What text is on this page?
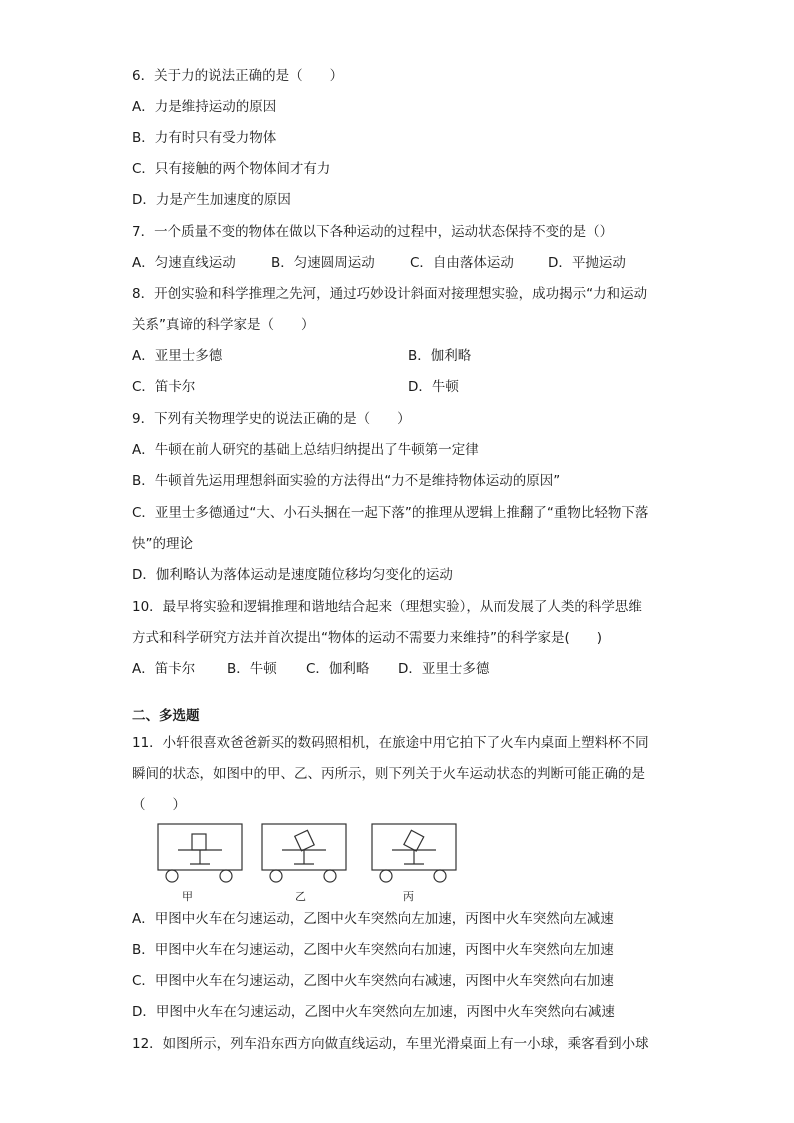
6．关于力的说法正确的是（　　）
A．力是维持运动的原因
B．力有时只有受力物体
C．只有接触的两个物体间才有力
D．力是产生加速度的原因
7．一个质量不变的物体在做以下各种运动的过程中，运动状态保持不变的是（）
A．匀速直线运动	B．匀速圆周运动	C．自由落体运动	D．平抛运动
8．开创实验和科学推理之先河，通过巧妙设计斜面对接理想实验，成功揭示“力和运动
关系”真谛的科学家是（　　）
A．亚里士多德	B．伽利略
C．笛卡尔	D．牛顿
9．下列有关物理学史的说法正确的是（　　）
A．牛顿在前人研究的基础上总结归纳提出了牛顿第一定律
B．牛顿首先运用理想斜面实验的方法得出“力不是维持物体运动的原因”
C．亚里士多德通过“大、小石头捆在一起下落”的推理从逻辑上推翻了“重物比轻物下落
快”的理论
D．伽利略认为落体运动是速度随位移均匀变化的运动
10．最早将实验和逻辑推理和谐地结合起来（理想实验），从而发展了人类的科学思维
方式和科学研究方法并首次提出“物体的运动不需要力来维持”的科学家是(　　)
A．笛卡尔 B．牛顿 C．伽利略 D．亚里士多德
二、多选题
11．小轩很喜欢爸爸新买的数码照相机，在旅途中用它拍下了火车内桌面上塑料杯不同
瞬间的状态，如图中的甲、乙、丙所示，则下列关于火车运动状态的判断可能正确的是
（　　）
甲	乙	丙
A．甲图中火车在匀速运动，乙图中火车突然向左加速，丙图中火车突然向左减速
B．甲图中火车在匀速运动，乙图中火车突然向右加速，丙图中火车突然向左加速
C．甲图中火车在匀速运动，乙图中火车突然向右减速，丙图中火车突然向右加速
D．甲图中火车在匀速运动，乙图中火车突然向左加速，丙图中火车突然向右减速
12．如图所示，列车沿东西方向做直线运动，车里光滑桌面上有一小球，乘客看到小球
